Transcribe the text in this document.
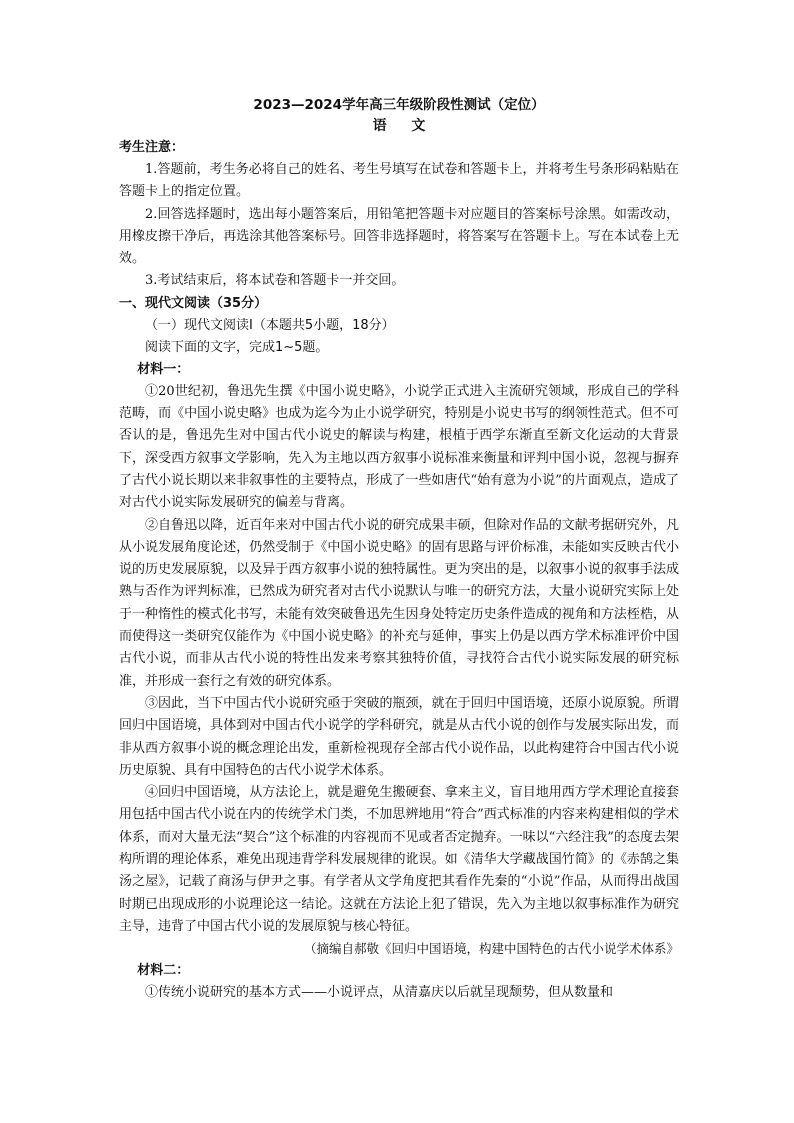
2023—2024学年高三年级阶段性测试（定位）
语 文
考生注意：

1.答题前，考生务必将自己的姓名、考生号填写在试卷和答题卡上，并将考生号条形码粘贴在答题卡上的指定位置。

2.回答选择题时，选出每小题答案后，用铅笔把答题卡对应题目的答案标号涂黑。如需改动，用橡皮擦干净后，再选涂其他答案标号。回答非选择题时，将答案写在答题卡上。写在本试卷上无效。

3.考试结束后，将本试卷和答题卡一并交回。

一、现代文阅读（35分）
（一）现代文阅读Ⅰ（本题共5小题，18分）
阅读下面的文字，完成1~5题。
材料一：

①20世纪初，鲁迅先生撰《中国小说史略》，小说学正式进入主流研究领域，形成自己的学科范畴，而《中国小说史略》也成为迄今为止小说学研究，特别是小说史书写的纲领性范式。但不可否认的是，鲁迅先生对中国古代小说史的解读与构建，根植于西学东渐直至新文化运动的大背景下，深受西方叙事文学影响，先入为主地以西方叙事小说标准来衡量和评判中国小说，忽视与摒弃了古代小说长期以来非叙事性的主要特点，形成了一些如唐代“始有意为小说”的片面观点，造成了对古代小说实际发展研究的偏差与背离。

②自鲁迅以降，近百年来对中国古代小说的研究成果丰硕，但除对作品的文献考据研究外，凡从小说发展角度论述，仍然受制于《中国小说史略》的固有思路与评价标准，未能如实反映古代小说的历史发展原貌，以及异于西方叙事小说的独特属性。更为突出的是，以叙事小说的叙事手法成熟与否作为评判标准，已然成为研究者对古代小说默认与唯一的研究方法，大量小说研究实际上处于一种惰性的模式化书写，未能有效突破鲁迅先生因身处特定历史条件造成的视角和方法桎梏，从而使得这一类研究仅能作为《中国小说史略》的补充与延伸，事实上仍是以西方学术标准评价中国古代小说，而非从古代小说的特性出发来考察其独特价值，寻找符合古代小说实际发展的研究标准，并形成一套行之有效的研究体系。

③因此，当下中国古代小说研究亟于突破的瓶颈，就在于回归中国语境，还原小说原貌。所谓回归中国语境，具体到对中国古代小说学的学科研究，就是从古代小说的创作与发展实际出发，而非从西方叙事小说的概念理论出发，重新检视现存全部古代小说作品，以此构建符合中国古代小说历史原貌、具有中国特色的古代小说学术体系。

④回归中国语境，从方法论上，就是避免生搬硬套、拿来主义，盲目地用西方学术理论直接套用包括中国古代小说在内的传统学术门类，不加思辨地用“符合”西式标准的内容来构建相似的学术体系，而对大量无法“契合”这个标准的内容视而不见或者否定抛弃。一味以“六经注我”的态度去架构所谓的理论体系，难免出现违背学科发展规律的讹误。如《清华大学藏战国竹简》的《赤鹄之集汤之屋》，记载了商汤与伊尹之事。有学者从文学角度把其看作先秦的“小说”作品，从而得出战国时期已出现成形的小说理论这一结论。这就在方法论上犯了错误，先入为主地以叙事标准作为研究主导，违背了中国古代小说的发展原貌与核心特征。

（摘编自郝敬《回归中国语境，构建中国特色的古代小说学术体系》
材料二：

①传统小说研究的基本方式——小说评点，从清嘉庆以后就呈现颓势，但从数量和
